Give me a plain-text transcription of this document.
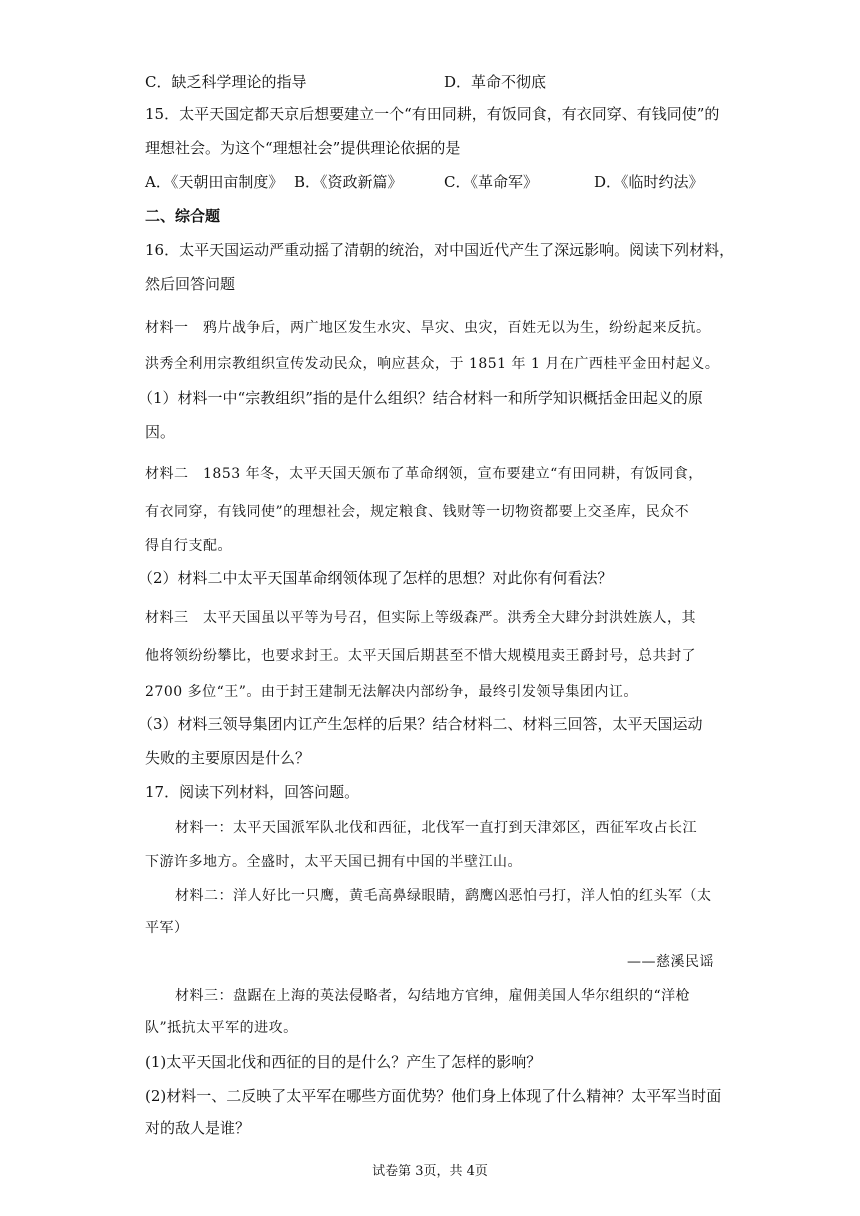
C．缺乏科学理论的指导	D．革命不彻底
15．太平天国定都天京后想要建立一个“有田同耕，有饭同食，有衣同穿、有钱同使”的
理想社会。为这个“理想社会”提供理论依据的是
A．《天朝田亩制度》 B．《资政新篇》	C．《革命军》	D．《临时约法》
二、综合题
16．太平天国运动严重动摇了清朝的统治，对中国近代产生了深远影响。阅读下列材料，
然后回答问题
材料一　鸦片战争后，两广地区发生水灾、旱灾、虫灾，百姓无以为生，纷纷起来反抗。
洪秀全利用宗教组织宣传发动民众，响应甚众，于 1851 年 1 月在广西桂平金田村起义。
（1）材料一中“宗教组织”指的是什么组织？结合材料一和所学知识概括金田起义的原
因。
材料二　1853 年冬，太平天国天颁布了革命纲领，宣布要建立“有田同耕，有饭同食，
有衣同穿，有钱同使”的理想社会，规定粮食、钱财等一切物资都要上交圣库，民众不
得自行支配。
（2）材料二中太平天国革命纲领体现了怎样的思想？对此你有何看法？
材料三　太平天国虽以平等为号召，但实际上等级森严。洪秀全大肆分封洪姓族人，其
他将领纷纷攀比，也要求封王。太平天国后期甚至不惜大规模甩卖王爵封号，总共封了
2700 多位“王”。由于封王建制无法解决内部纷争，最终引发领导集团内讧。
（3）材料三领导集团内讧产生怎样的后果？结合材料二、材料三回答，太平天国运动
失败的主要原因是什么？
17．阅读下列材料，回答问题。
材料一：太平天国派军队北伐和西征，北伐军一直打到天津郊区，西征军攻占长江
下游许多地方。全盛时，太平天国已拥有中国的半壁江山。
材料二：洋人好比一只鹰，黄毛高鼻绿眼睛，鹞鹰凶恶怕弓打，洋人怕的红头军（太
平军）
——慈溪民谣
材料三：盘踞在上海的英法侵略者，勾结地方官绅，雇佣美国人华尔组织的“洋枪
队”抵抗太平军的进攻。
(1)太平天国北伐和西征的目的是什么？产生了怎样的影响？
(2)材料一、二反映了太平军在哪些方面优势？他们身上体现了什么精神？太平军当时面
对的敌人是谁？
试卷第 3页，共 4页
